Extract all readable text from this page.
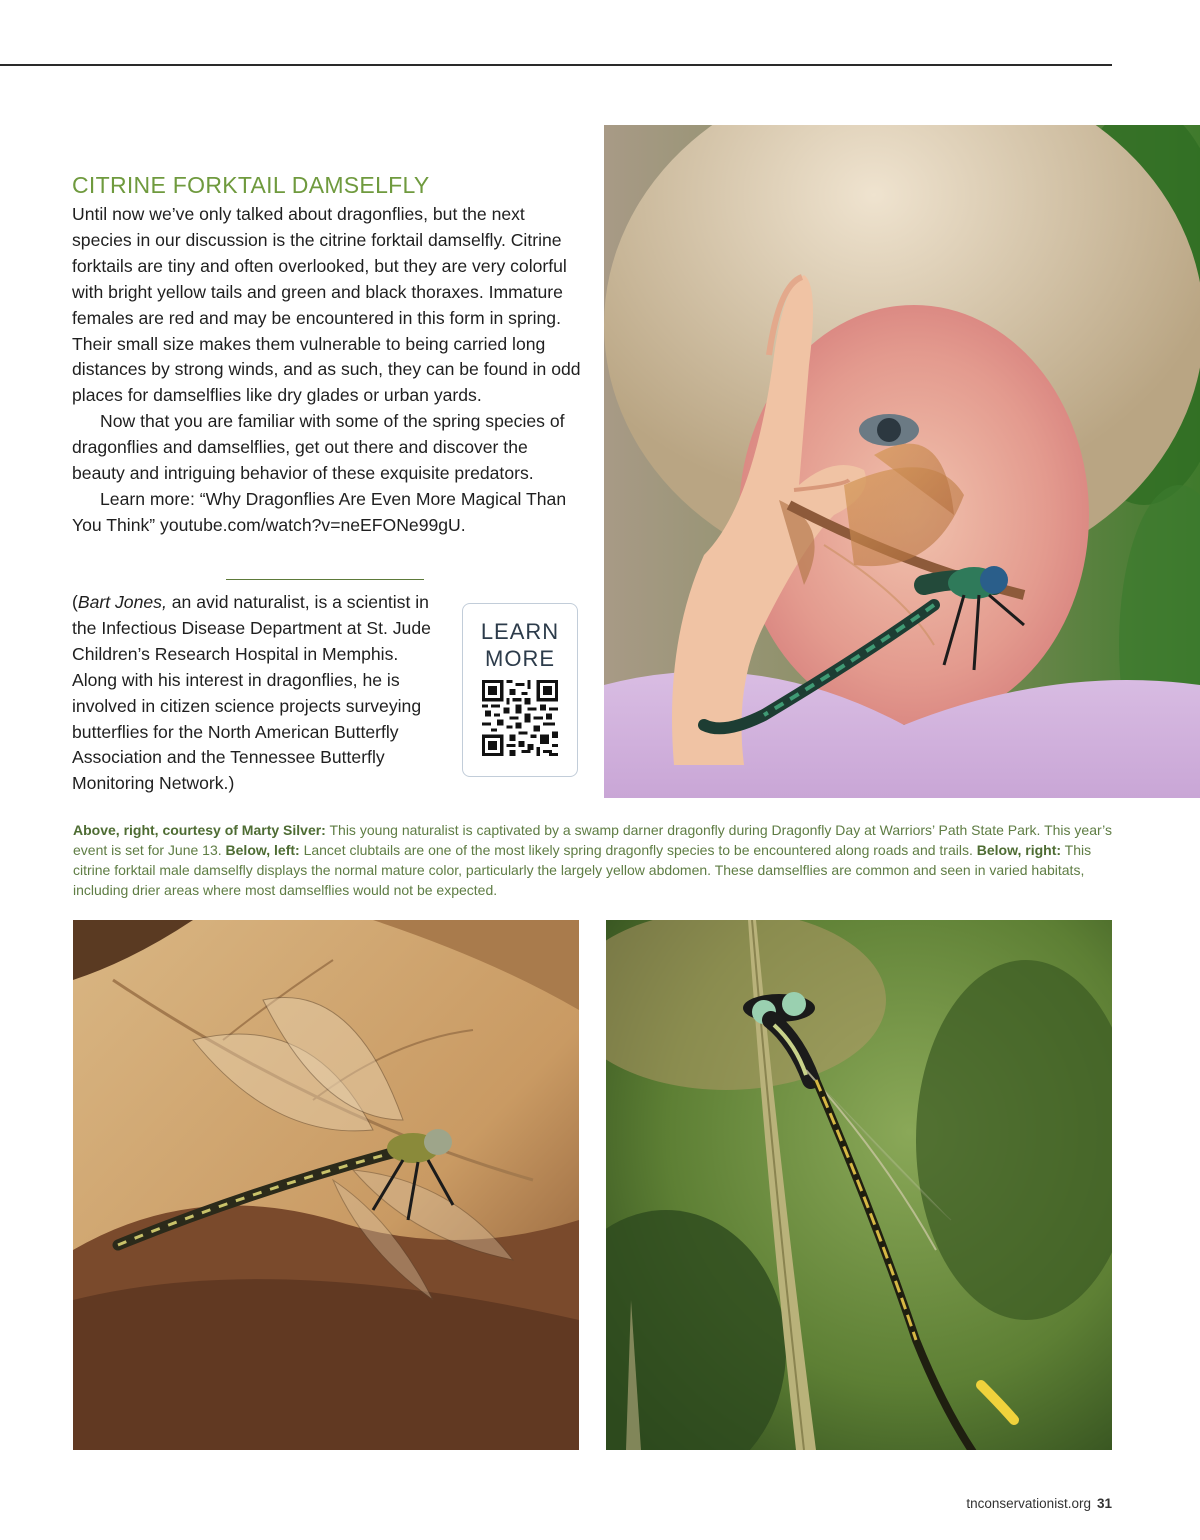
CITRINE FORKTAIL DAMSELFLY

Until now we’ve only talked about dragonflies, but the next species in our discussion is the citrine forktail damselfly. Citrine forktails are tiny and often overlooked, but they are very colorful with bright yellow tails and green and black thoraxes. Immature females are red and may be encountered in this form in spring. Their small size makes them vulnerable to being carried long distances by strong winds, and as such, they can be found in odd places for damselflies like dry glades or urban yards.

Now that you are familiar with some of the spring species of dragonflies and damselflies, get out there and discover the beauty and intriguing behavior of these exquisite predators.

Learn more: “Why Dragonflies Are Even More Magical Than You Think” youtube.com/watch?v=neEFONe99gU.

(Bart Jones, an avid naturalist, is a scientist in the Infectious Disease Department at St. Jude Children’s Research Hospital in Memphis. Along with his interest in dragonflies, he is involved in citizen science projects surveying butterflies for the North American Butterfly Association and the Tennessee Butterfly Monitoring Network.)
LEARN
MORE
Above, right, courtesy of Marty Silver: This young naturalist is captivated by a swamp darner dragonfly during Dragonfly Day at Warriors’ Path State Park. This year’s event is set for June 13. Below, left: Lancet clubtails are one of the most likely spring dragonfly species to be encountered along roads and trails. Below, right: This citrine forktail male damselfly displays the normal mature color, particularly the largely yellow abdomen. These damselflies are common and seen in varied habitats, including drier areas where most damselflies would not be expected.
tnconservationist.org 31
